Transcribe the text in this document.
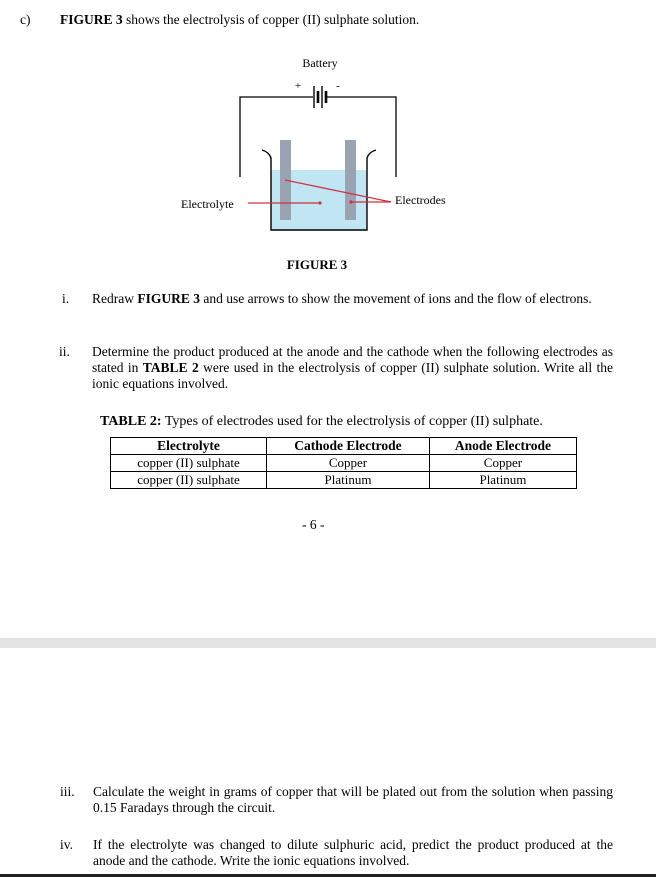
c) FIGURE 3 shows the electrolysis of copper (II) sulphate solution.
Battery
+	-
Electrolyte	Electrodes
FIGURE 3
i. Redraw FIGURE 3 and use arrows to show the movement of ions and the flow of electrons.
ii. Determine the product produced at the anode and the cathode when the following electrodes as stated in TABLE 2 were used in the electrolysis of copper (II) sulphate solution. Write all the ionic equations involved.
TABLE 2: Types of electrodes used for the electrolysis of copper (II) sulphate.
Electrolyte	Cathode Electrode	Anode Electrode
copper (II) sulphate	Copper	Copper
copper (II) sulphate	Platinum	Platinum
- 6 -
iii. Calculate the weight in grams of copper that will be plated out from the solution when passing 0.15 Faradays through the circuit.
iv. If the electrolyte was changed to dilute sulphuric acid, predict the product produced at the anode and the cathode. Write the ionic equations involved.
